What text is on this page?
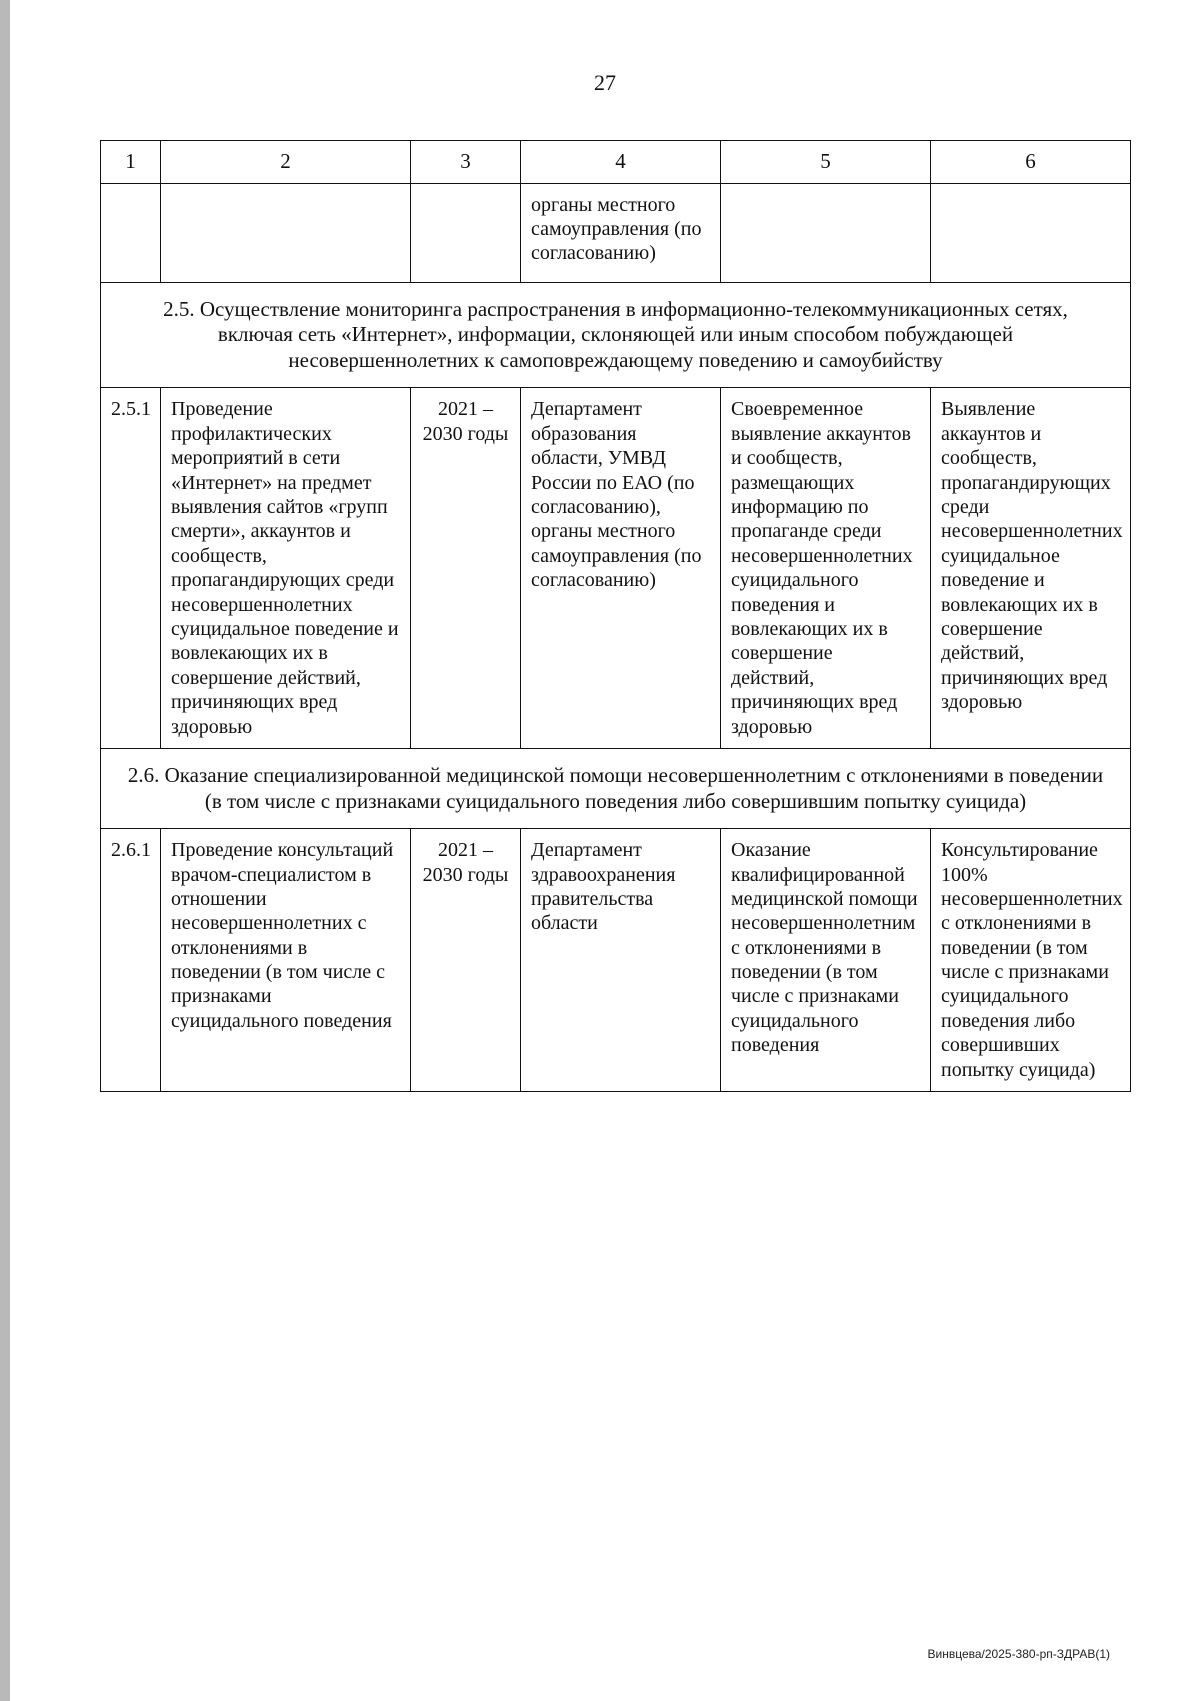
27
1	2	3	4	5	6
			органы местного самоуправления (по согласованию)		
2.5. Осуществление мониторинга распространения в информационно-телекоммуникационных сетях, включая сеть «Интернет», информации, склоняющей или иным способом побуждающей несовершеннолетних к самоповреждающему поведению и самоубийству					
2.5.1	Проведение профилактических мероприятий в сети «Интернет» на предмет выявления сайтов «групп смерти», аккаунтов и сообществ, пропагандирующих среди несовершеннолетних суицидальное поведение и вовлекающих их в совершение действий, причиняющих вред здоровью	2021 – 2030 годы	Департамент образования области, УМВД России по ЕАО (по согласованию), органы местного самоуправления (по согласованию)	Своевременное выявление аккаунтов и сообществ, размещающих информацию по пропаганде среди несовершеннолетних суицидального поведения и вовлекающих их в совершение действий, причиняющих вред здоровью	Выявление аккаунтов и сообществ, пропагандирующих среди несовершеннолетних суицидальное поведение и вовлекающих их в совершение действий, причиняющих вред здоровью
2.6. Оказание специализированной медицинской помощи несовершеннолетним с отклонениями в поведении (в том числе с признаками суицидального поведения либо совершившим попытку суицида)					
2.6.1	Проведение консультаций врачом-специалистом в отношении несовершеннолетних с отклонениями в поведении (в том числе с признаками суицидального поведения	2021 – 2030 годы	Департамент здравоохранения правительства области	Оказание квалифицированной медицинской помощи несовершеннолетним с отклонениями в поведении (в том числе с признаками суицидального поведения	Консультирование 100% несовершеннолетних с отклонениями в поведении (в том числе с признаками суицидального поведения либо совершивших попытку суицида)
Винвцева/2025-380-рп-ЗДРАВ(1)
